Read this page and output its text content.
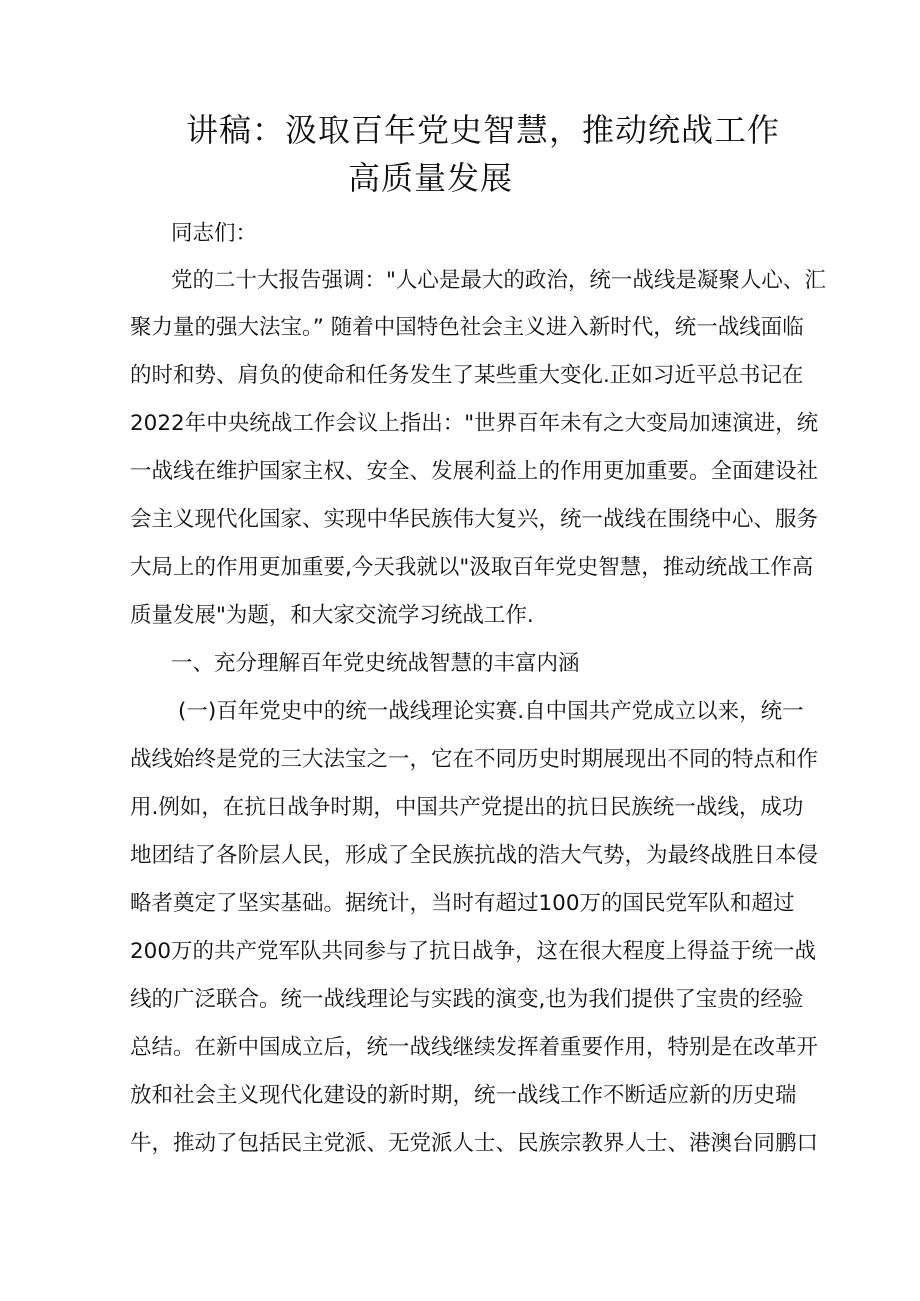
讲稿：汲取百年党史智慧，推动统战工作
高质量发展
同志们：
党的二十大报告强调："人心是最大的政治，统一战线是凝聚人心、汇
聚力量的强大法宝。” 随着中国特色社会主义进入新时代，统一战线面临
的时和势、肩负的使命和任务发生了某些重大变化.正如习近平总书记在
2022年中央统战工作会议上指出："世界百年未有之大变局加速演进，统
一战线在维护国家主权、安全、发展利益上的作用更加重要。全面建设社
会主义现代化国家、实现中华民族伟大复兴，统一战线在围绕中心、服务
大局上的作用更加重要,今天我就以"汲取百年党史智慧，推动统战工作高
质量发展"为题，和大家交流学习统战工作.
一、充分理解百年党史统战智慧的丰富内涵
(一)百年党史中的统一战线理论实赛.自中国共产党成立以来，统一
战线始终是党的三大法宝之一，它在不同历史时期展现出不同的特点和作
用.例如，在抗日战争时期，中国共产党提出的抗日民族统一战线，成功
地团结了各阶层人民，形成了全民族抗战的浩大气势，为最终战胜日本侵
略者奠定了坚实基础。据统计，当时有超过100万的国民党军队和超过
200万的共产党军队共同参与了抗日战争，这在很大程度上得益于统一战
线的广泛联合。统一战线理论与实践的演变,也为我们提供了宝贵的经验
总结。在新中国成立后，统一战线继续发挥着重要作用，特别是在改革开
放和社会主义现代化建设的新时期，统一战线工作不断适应新的历史瑞
牛，推动了包括民主党派、无党派人士、民族宗教界人士、港澳台同鹏口
